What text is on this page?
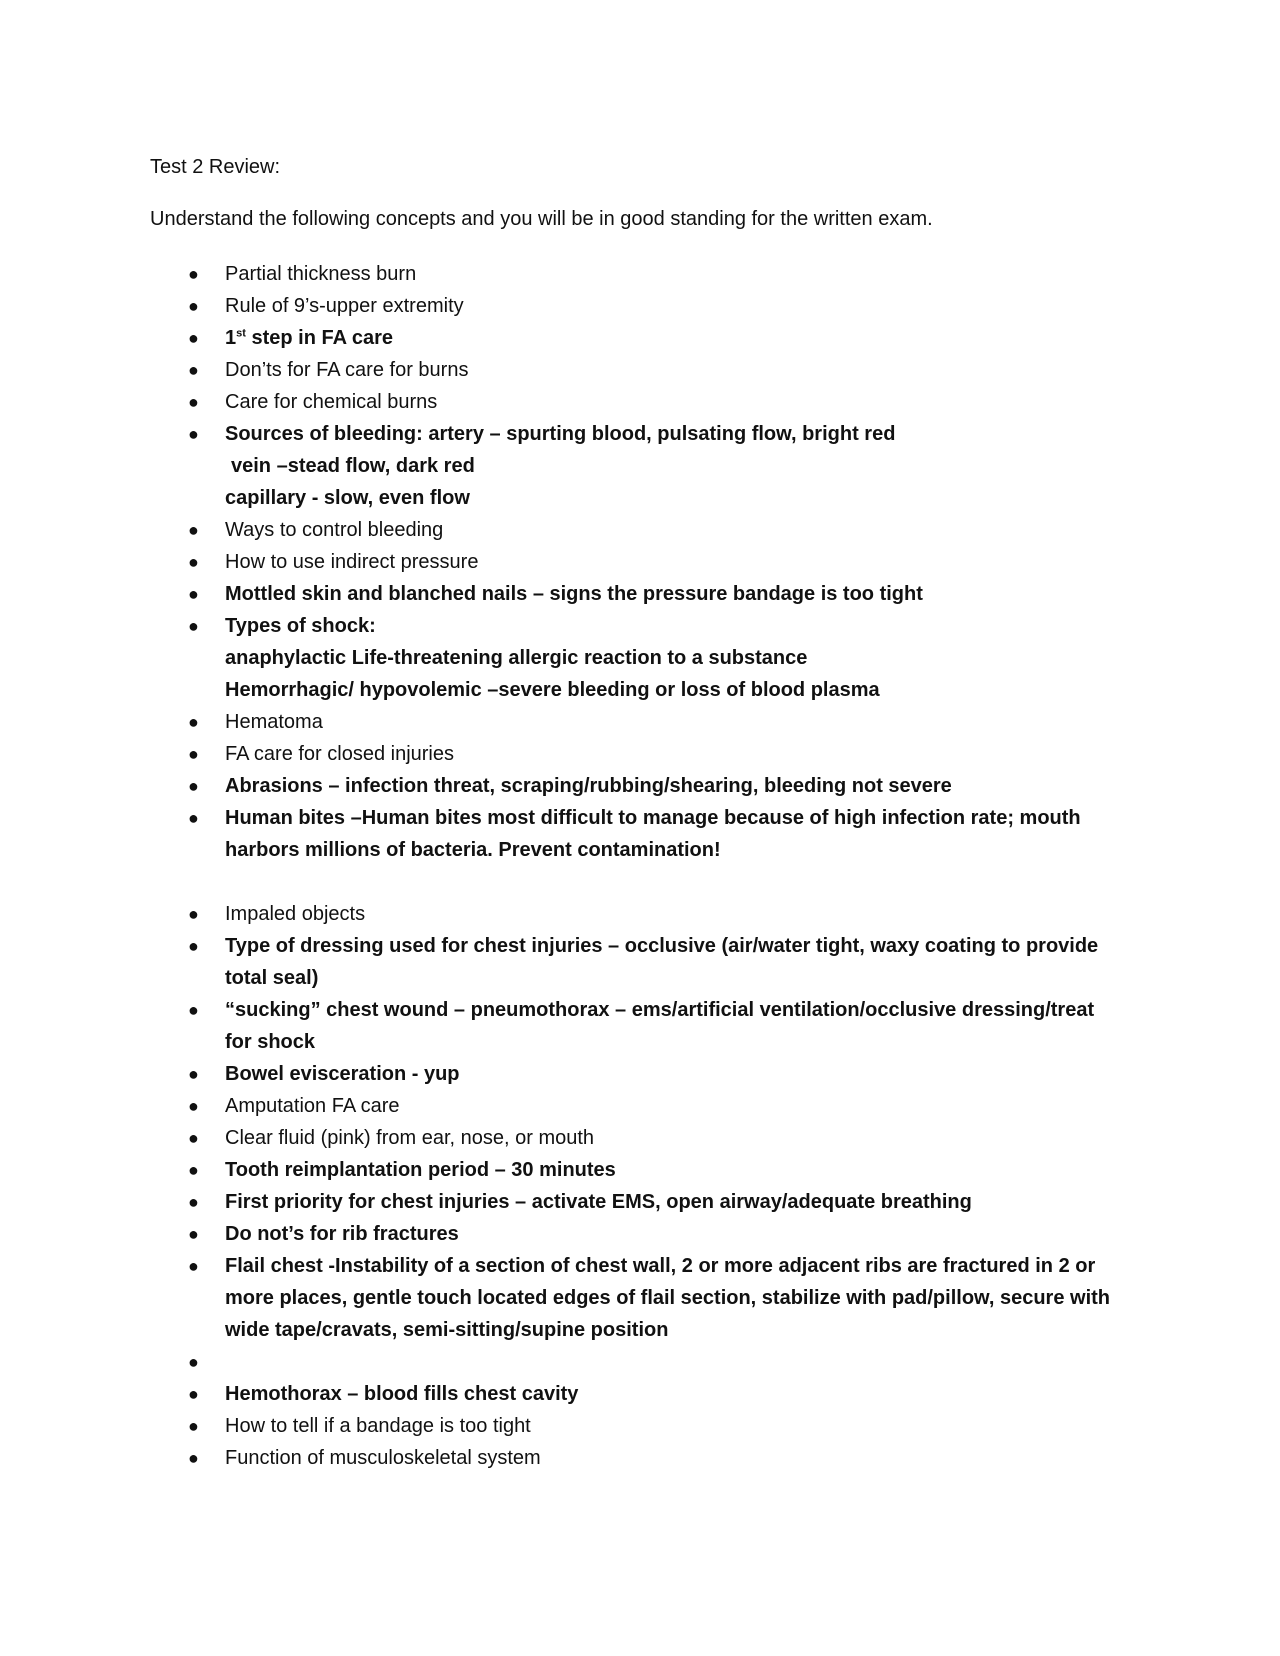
Test 2 Review:
Understand the following concepts and you will be in good standing for the written exam.
● Partial thickness burn
● Rule of 9’s-upper extremity
● 1st step in FA care
● Don’ts for FA care for burns
● Care for chemical burns
● Sources of bleeding: artery – spurting blood, pulsating flow, bright red
vein –stead flow, dark red
capillary - slow, even flow
● Ways to control bleeding
● How to use indirect pressure
● Mottled skin and blanched nails – signs the pressure bandage is too tight
● Types of shock:
anaphylactic Life-threatening allergic reaction to a substance
Hemorrhagic/ hypovolemic –severe bleeding or loss of blood plasma
● Hematoma
● FA care for closed injuries
● Abrasions – infection threat, scraping/rubbing/shearing, bleeding not severe
● Human bites –Human bites most difficult to manage because of high infection rate; mouth
harbors millions of bacteria. Prevent contamination!
● Impaled objects
● Type of dressing used for chest injuries – occlusive (air/water tight, waxy coating to provide
total seal)
● “sucking” chest wound – pneumothorax – ems/artificial ventilation/occlusive dressing/treat
for shock
● Bowel evisceration - yup
● Amputation FA care
● Clear fluid (pink) from ear, nose, or mouth
● Tooth reimplantation period – 30 minutes
● First priority for chest injuries – activate EMS, open airway/adequate breathing
● Do not’s for rib fractures
● Flail chest -Instability of a section of chest wall, 2 or more adjacent ribs are fractured in 2 or
more places, gentle touch located edges of flail section, stabilize with pad/pillow, secure with
wide tape/cravats, semi-sitting/supine position
●
● Hemothorax – blood fills chest cavity
● How to tell if a bandage is too tight
● Function of musculoskeletal system
